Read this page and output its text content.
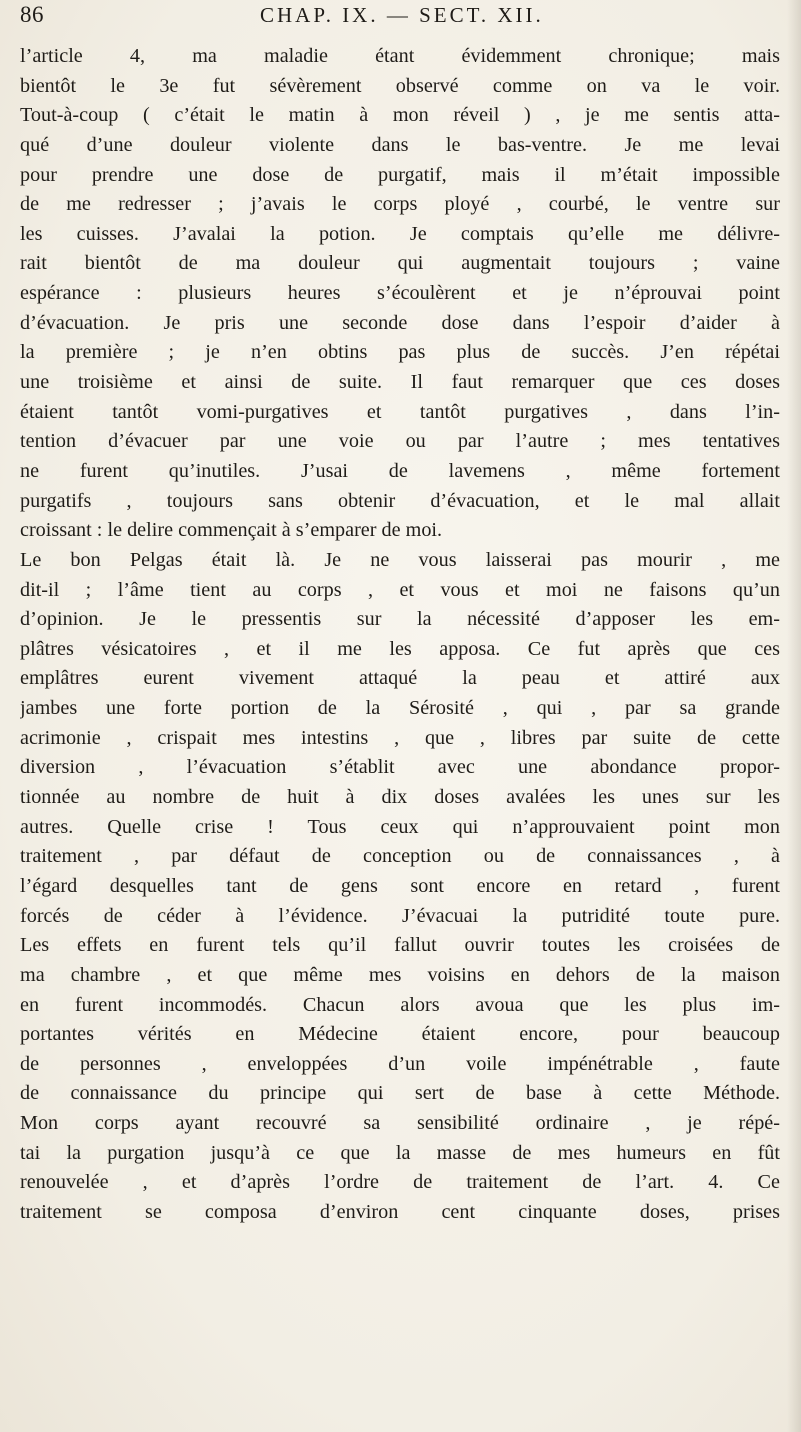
86	CHAP. IX. — SECT. XII.
l’article 4, ma maladie étant évidemment chronique; mais
bientôt le 3e fut sévèrement observé comme on va le voir.
Tout-à-coup ( c’était le matin à mon réveil ) , je me sentis atta-
qué d’une douleur violente dans le bas-ventre. Je me levai
pour prendre une dose de purgatif, mais il m’était impossible
de me redresser ; j’avais le corps ployé , courbé, le ventre sur
les cuisses. J’avalai la potion. Je comptais qu’elle me délivre-
rait bientôt de ma douleur qui augmentait toujours ; vaine
espérance : plusieurs heures s’écoulèrent et je n’éprouvai point
d’évacuation. Je pris une seconde dose dans l’espoir d’aider à
la première ; je n’en obtins pas plus de succès. J’en répétai
une troisième et ainsi de suite. Il faut remarquer que ces doses
étaient tantôt vomi-purgatives et tantôt purgatives , dans l’in-
tention d’évacuer par une voie ou par l’autre ; mes tentatives
ne furent qu’inutiles. J’usai de lavemens , même fortement
purgatifs , toujours sans obtenir d’évacuation, et le mal allait
croissant : le delire commençait à s’emparer de moi.
Le bon Pelgas était là. Je ne vous laisserai pas mourir , me
dit-il ; l’âme tient au corps , et vous et moi ne faisons qu’un
d’opinion. Je le pressentis sur la nécessité d’apposer les em-
plâtres vésicatoires , et il me les apposa. Ce fut après que ces
emplâtres eurent vivement attaqué la peau et attiré aux
jambes une forte portion de la Sérosité , qui , par sa grande
acrimonie , crispait mes intestins , que , libres par suite de cette
diversion , l’évacuation s’établit avec une abondance propor-
tionnée au nombre de huit à dix doses avalées les unes sur les
autres. Quelle crise ! Tous ceux qui n’approuvaient point mon
traitement , par défaut de conception ou de connaissances , à
l’égard desquelles tant de gens sont encore en retard , furent
forcés de céder à l’évidence. J’évacuai la putridité toute pure.
Les effets en furent tels qu’il fallut ouvrir toutes les croisées de
ma chambre , et que même mes voisins en dehors de la maison
en furent incommodés. Chacun alors avoua que les plus im-
portantes vérités en Médecine étaient encore, pour beaucoup
de personnes , enveloppées d’un voile impénétrable , faute
de connaissance du principe qui sert de base à cette Méthode.
Mon corps ayant recouvré sa sensibilité ordinaire , je répé-
tai la purgation jusqu’à ce que la masse de mes humeurs en fût
renouvelée , et d’après l’ordre de traitement de l’art. 4. Ce
traitement se composa d’environ cent cinquante doses, prises
